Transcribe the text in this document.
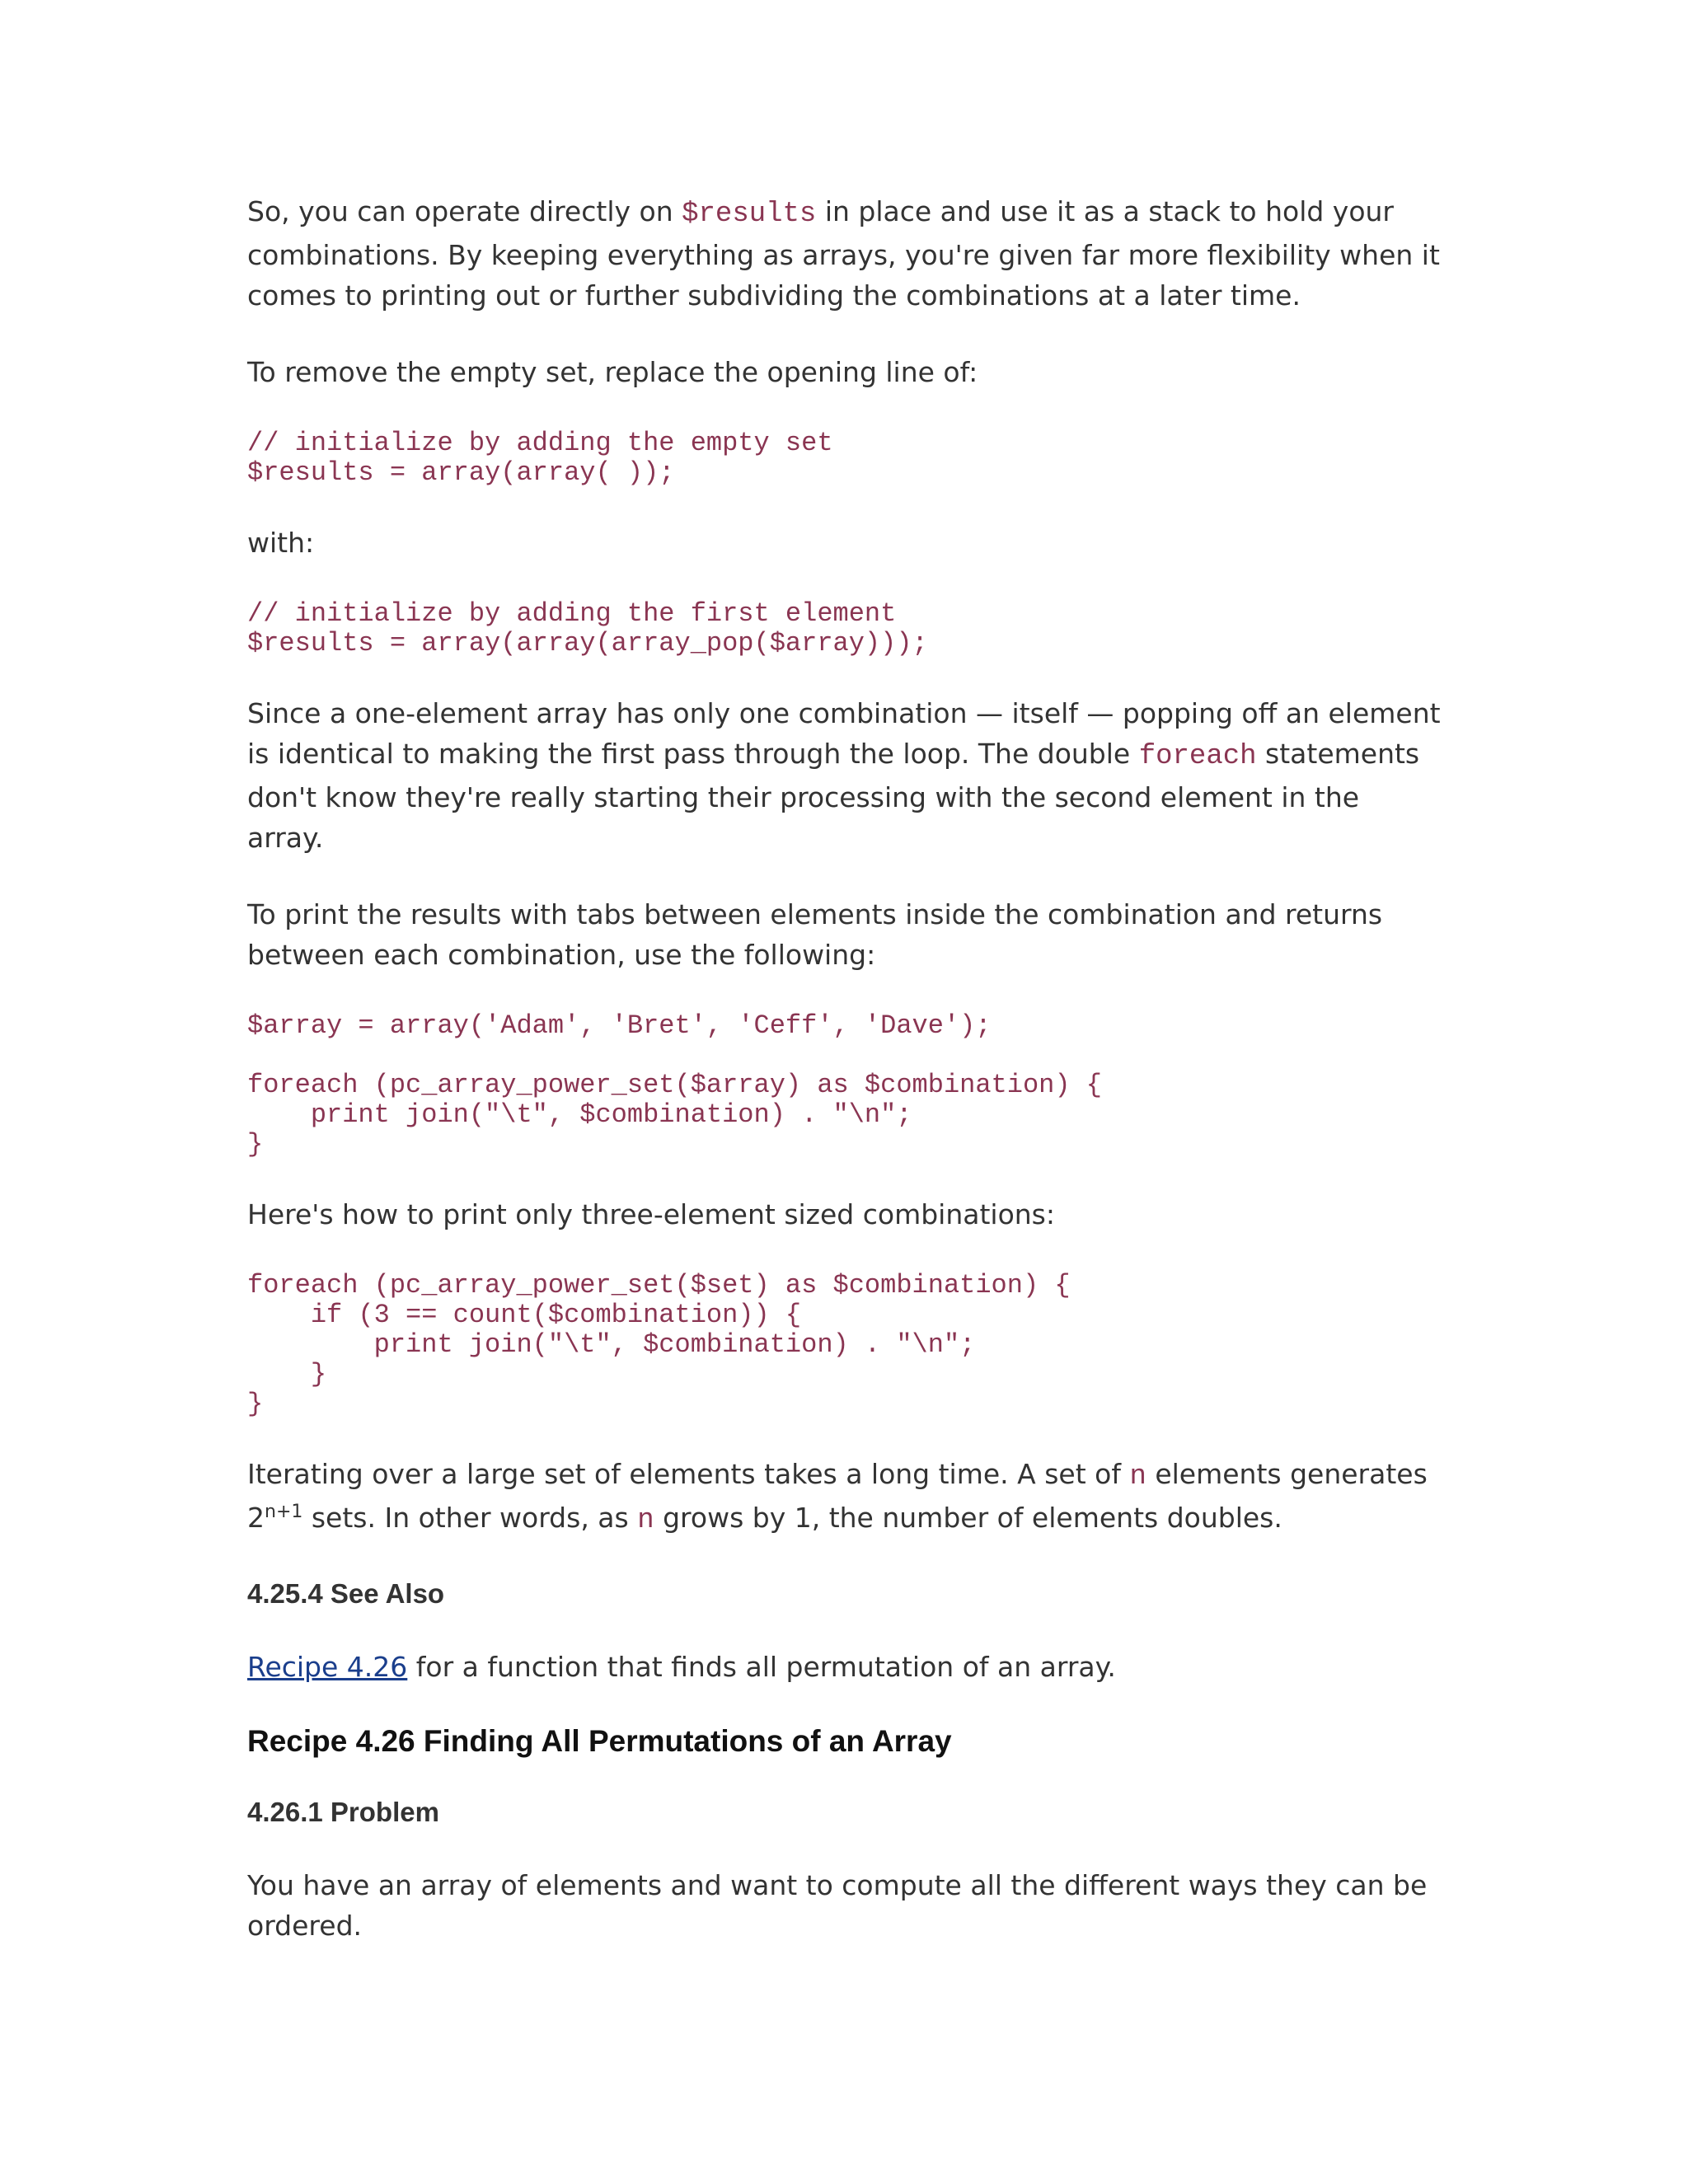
So, you can operate directly on $results in place and use it as a stack to hold your combinations. By keeping everything as arrays, you're given far more flexibility when it comes to printing out or further subdividing the combinations at a later time.

To remove the empty set, replace the opening line of:

// initialize by adding the empty set
$results = array(array( ));

with:

// initialize by adding the first element
$results = array(array(array_pop($array)));

Since a one-element array has only one combination — itself — popping off an element is identical to making the first pass through the loop. The double foreach statements don't know they're really starting their processing with the second element in the array.

To print the results with tabs between elements inside the combination and returns between each combination, use the following:

$array = array('Adam', 'Bret', 'Ceff', 'Dave');

foreach (pc_array_power_set($array) as $combination) {
print join("\t", $combination) . "\n";
}

Here's how to print only three-element sized combinations:

foreach (pc_array_power_set($set) as $combination) {
if (3 == count($combination)) {
print join("\t", $combination) . "\n";
}
}

Iterating over a large set of elements takes a long time. A set of n elements generates $2^{n+1}$ sets. In other words, as n grows by 1, the number of elements doubles.

4.25.4 See Also

Recipe 4.26 for a function that finds all permutation of an array.

Recipe 4.26 Finding All Permutations of an Array
4.26.1 Problem

You have an array of elements and want to compute all the different ways they can be ordered.
